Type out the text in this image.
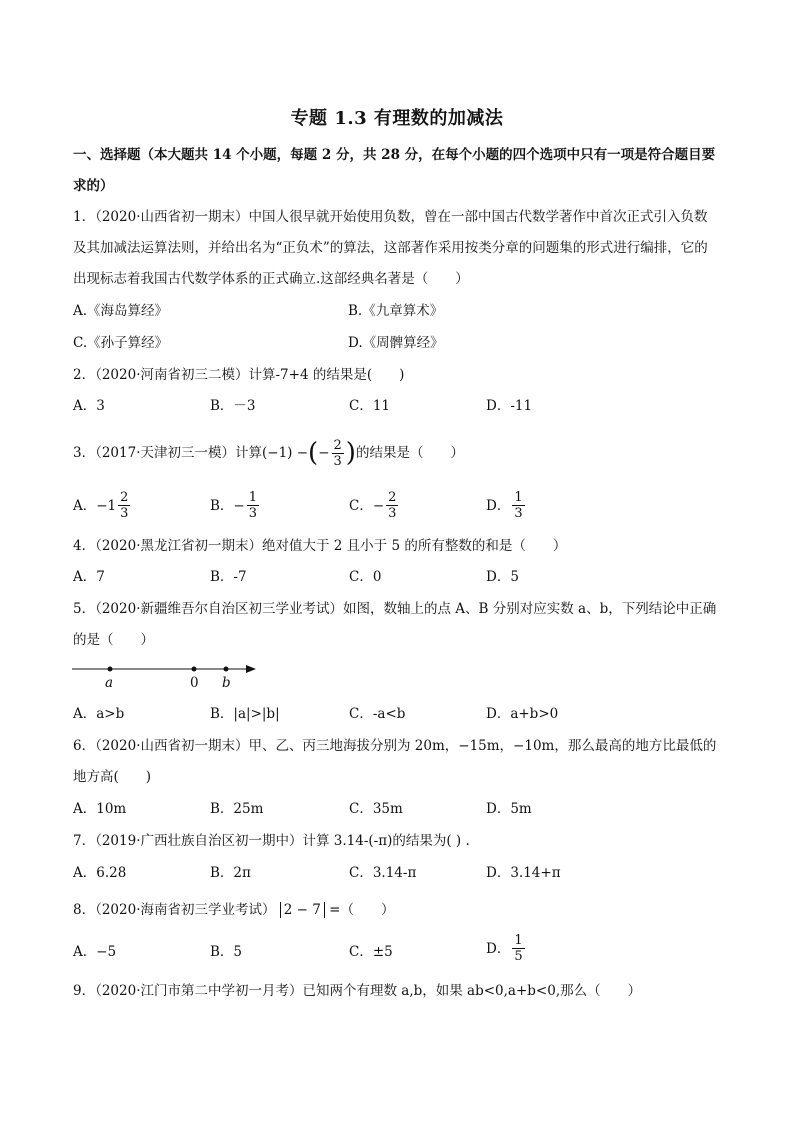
专题 1.3 有理数的加减法
一、选择题（本大题共 14 个小题，每题 2 分，共 28 分，在每个小题的四个选项中只有一项是符合题目要
求的）
1．（2020·山西省初一期末）中国人很早就开始使用负数，曾在一部中国古代数学著作中首次正式引入负数
及其加减法运算法则，并给出名为“正负术”的算法，这部著作采用按类分章的问题集的形式进行编排，它的
出现标志着我国古代数学体系的正式确立.这部经典名著是（　　）
A.《海岛算经》	B.《九章算术》
C.《孙子算经》	D.《周髀算经》
2．（2020·河南省初三二模）计算-7+4 的结果是(　　)
A．3	B．－3	C．11	D．-11
3．（2017·天津初三一模）计算 (−1) − ( − $\frac{2}{3}$ ) 的结果是（　　）
A． $-1 \frac{2}{3}$	B． − $\frac{1}{3}$	C． − $\frac{2}{3}$	D． $\frac{1}{3}$
4．（2020·黑龙江省初一期末）绝对值大于 2 且小于 5 的所有整数的和是（　　）
A．7	B．-7	C．0	D．5
5．（2020·新疆维吾尔自治区初三学业考试）如图，数轴上的点 A、B 分别对应实数 a、b，下列结论中正确
的是（　　）
a	0 b
A．a>b	B．|a|>|b|	C．-a<b	D．a+b>0
6．（2020·山西省初一期末）甲、乙、丙三地海拔分别为 20m，−15m，−10m，那么最高的地方比最低的
地方高(　　)
A．10m	B．25m	C．35m	D．5m
7．（2019·广西壮族自治区初一期中）计算 3.14-(-π)的结果为( ) .
A．6.28	B．2π	C．3.14-π	D．3.14+π
8．（2020·海南省初三学业考试） 2 − 7 =（　　）
A．−5	B．5	C．±5	D． $\frac{1}{5}$
9．（2020·江门市第二中学初一月考）已知两个有理数 a,b，如果 ab<0,a+b<0,那么（　　）
